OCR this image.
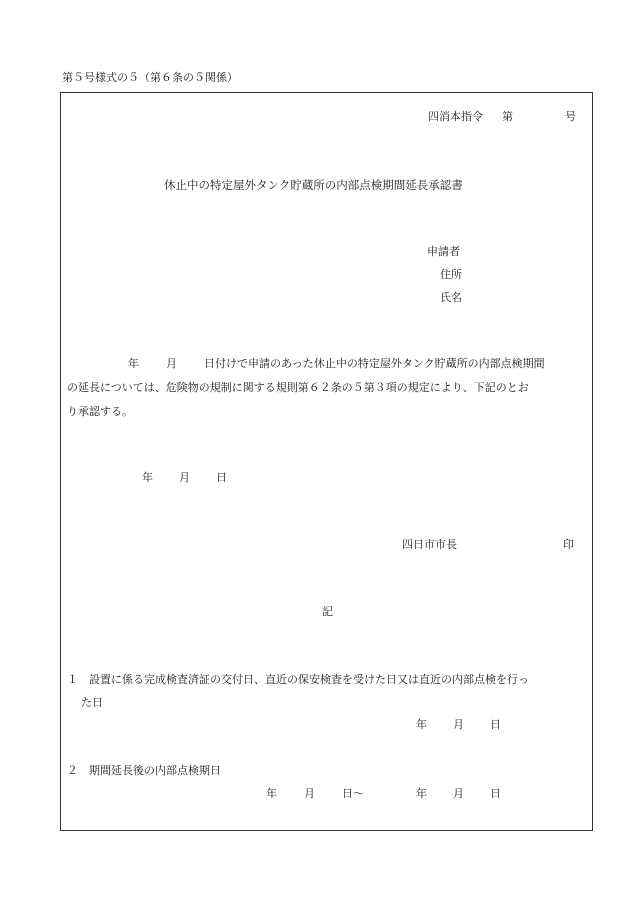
第５号様式の５（第６条の５関係）
四消本指令 第	号
休止中の特定屋外タンク貯蔵所の内部点検期間延長承認書
申請者
住所
氏名
年 月 日付けで申請のあった休止中の特定屋外タンク貯蔵所の内部点検期間
の延長については、危険物の規制に関する規則第６２条の５第３項の規定により、下記のとお
り承認する。
年 月 日
四日市市長	印
記
１　設置に係る完成検査済証の交付日、直近の保安検査を受けた日又は直近の内部点検を行っ
た日
年 月 日
２　期間延長後の内部点検期日
年 月 日～	年 月 日
